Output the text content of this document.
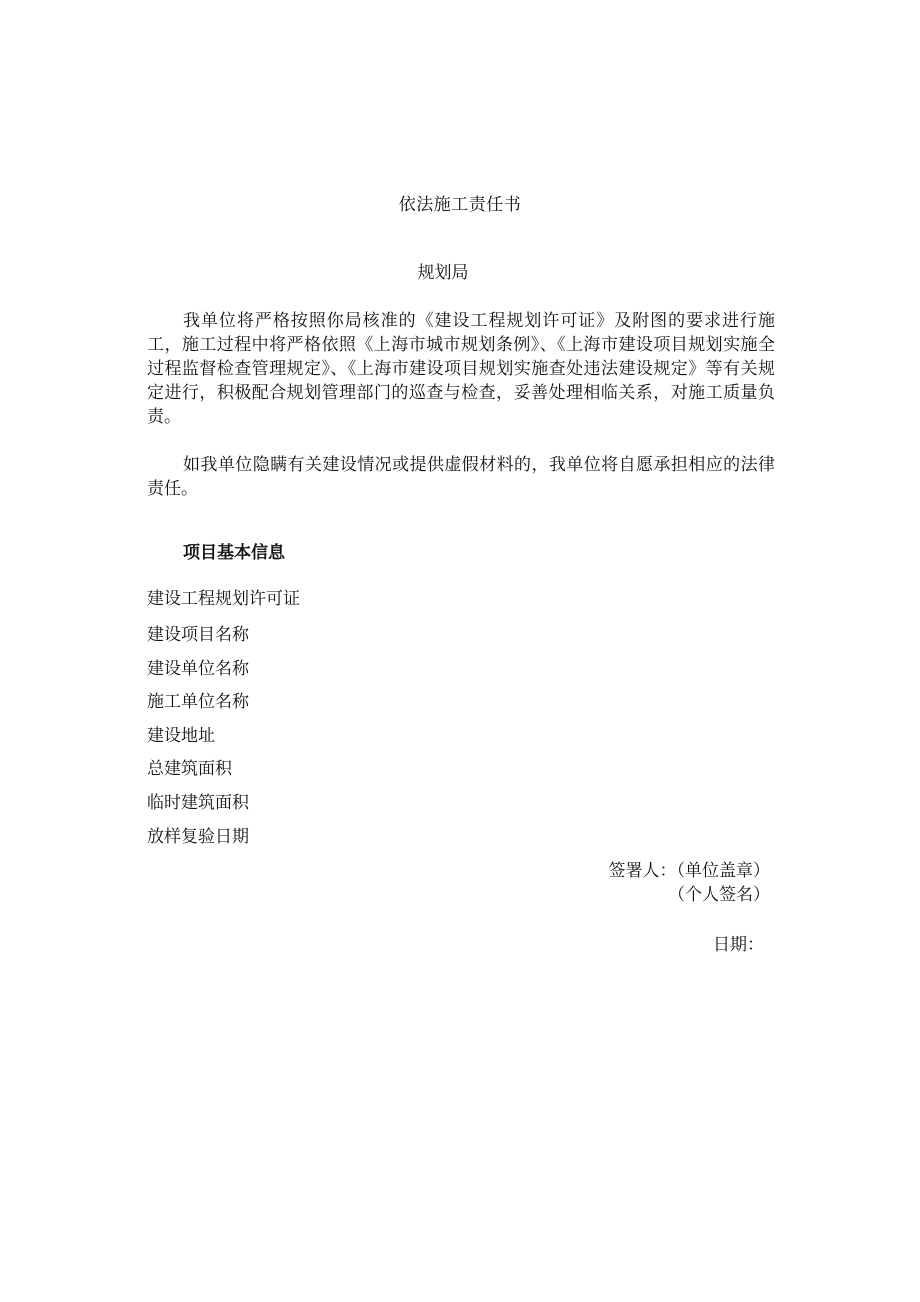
依法施工责任书
规划局

我单位将严格按照你局核准的《建设工程规划许可证》及附图的要求进行施工，施工过程中将严格依照《上海市城市规划条例》、《上海市建设项目规划实施全过程监督检查管理规定》、《上海市建设项目规划实施查处违法建设规定》等有关规定进行，积极配合规划管理部门的巡查与检查，妥善处理相临关系，对施工质量负责。

如我单位隐瞒有关建设情况或提供虚假材料的，我单位将自愿承担相应的法律责任。

项目基本信息
建设工程规划许可证
建设项目名称
建设单位名称
施工单位名称
建设地址
总建筑面积
临时建筑面积
放样复验日期
签署人：（单位盖章）
（个人签名）
日期：
